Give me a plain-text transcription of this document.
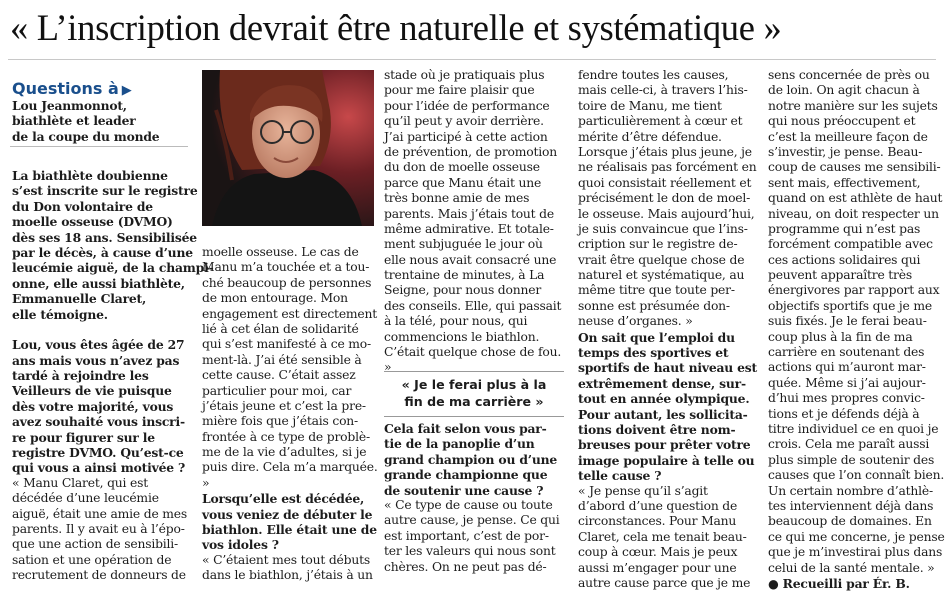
« L’inscription devrait être naturelle et systématique »
Questions à ▶
Lou Jeanmonnot,
biathlète et leader
de la coupe du monde
La biathlète doubienne
s’est inscrite sur le registre
du Don volontaire de
moelle osseuse (DVMO)
dès ses 18 ans. Sensibilisée
par le décès, à cause d’une
leucémie aiguë, de la champi-
onne, elle aussi biathlète,
Emmanuelle Claret,
elle témoigne.
Lou, vous êtes âgée de 27
ans mais vous n’avez pas
tardé à rejoindre les
Veilleurs de vie puisque
dès votre majorité, vous
avez souhaité vous inscri-
re pour figurer sur le
registre DVMO. Qu’est-ce
qui vous a ainsi motivée ?
« Manu Claret, qui est
décédée d’une leucémie
aiguë, était une amie de mes
parents. Il y avait eu à l’épo-
que une action de sensibili-
sation et une opération de
recrutement de donneurs de
moelle osseuse. Le cas de
Manu m’a touchée et a tou-
ché beaucoup de personnes
de mon entourage. Mon
engagement est directement
lié à cet élan de solidarité
qui s’est manifesté à ce mo-
ment-là. J’ai été sensible à
cette cause. C’était assez
particulier pour moi, car
j’étais jeune et c’est la pre-
mière fois que j’étais con-
frontée à ce type de problè-
me de la vie d’adultes, si je
puis dire. Cela m’a marquée.
»
Lorsqu’elle est décédée,
vous veniez de débuter le
biathlon. Elle était une de
vos idoles ?
« C’étaient mes tout débuts
dans le biathlon, j’étais à un
stade où je pratiquais plus
pour me faire plaisir que
pour l’idée de performance
qu’il peut y avoir derrière.
J’ai participé à cette action
de prévention, de promotion
du don de moelle osseuse
parce que Manu était une
très bonne amie de mes
parents. Mais j’étais tout de
même admirative. Et totale-
ment subjuguée le jour où
elle nous avait consacré une
trentaine de minutes, à La
Seigne, pour nous donner
des conseils. Elle, qui passait
à la télé, pour nous, qui
commencions le biathlon.
C’était quelque chose de fou.
»
Cela fait selon vous par-
tie de la panoplie d’un
grand champion ou d’une
grande championne que
de soutenir une cause ?
« Ce type de cause ou toute
autre cause, je pense. Ce qui
est important, c’est de por-
ter les valeurs qui nous sont
chères. On ne peut pas dé-
fendre toutes les causes,
mais celle-ci, à travers l’his-
toire de Manu, me tient
particulièrement à cœur et
mérite d’être défendue.
Lorsque j’étais plus jeune, je
ne réalisais pas forcément en
quoi consistait réellement et
précisément le don de moel-
le osseuse. Mais aujourd’hui,
je suis convaincue que l’ins-
cription sur le registre de-
vrait être quelque chose de
naturel et systématique, au
même titre que toute per-
sonne est présumée don-
neuse d’organes. »
On sait que l’emploi du
temps des sportives et
sportifs de haut niveau est
extrêmement dense, sur-
tout en année olympique.
Pour autant, les sollicita-
tions doivent être nom-
breuses pour prêter votre
image populaire à telle ou
telle cause ?
« Je pense qu’il s’agit
d’abord d’une question de
circonstances. Pour Manu
Claret, cela me tenait beau-
coup à cœur. Mais je peux
aussi m’engager pour une
autre cause parce que je me
sens concernée de près ou
de loin. On agit chacun à
notre manière sur les sujets
qui nous préoccupent et
c’est la meilleure façon de
s’investir, je pense. Beau-
coup de causes me sensibili-
sent mais, effectivement,
quand on est athlète de haut
niveau, on doit respecter un
programme qui n’est pas
forcément compatible avec
ces actions solidaires qui
peuvent apparaître très
énergivores par rapport aux
objectifs sportifs que je me
suis fixés. Je le ferai beau-
coup plus à la fin de ma
carrière en soutenant des
actions qui m’auront mar-
quée. Même si j’ai aujour-
d’hui mes propres convic-
tions et je défends déjà à
titre individuel ce en quoi je
crois. Cela me paraît aussi
plus simple de soutenir des
causes que l’on connaît bien.
Un certain nombre d’athlè-
tes interviennent déjà dans
beaucoup de domaines. En
ce qui me concerne, je pense
que je m’investirai plus dans
celui de la santé mentale. »
● Recueilli par Ér. B.
« Je le ferai plus à la
fin de ma carrière »
